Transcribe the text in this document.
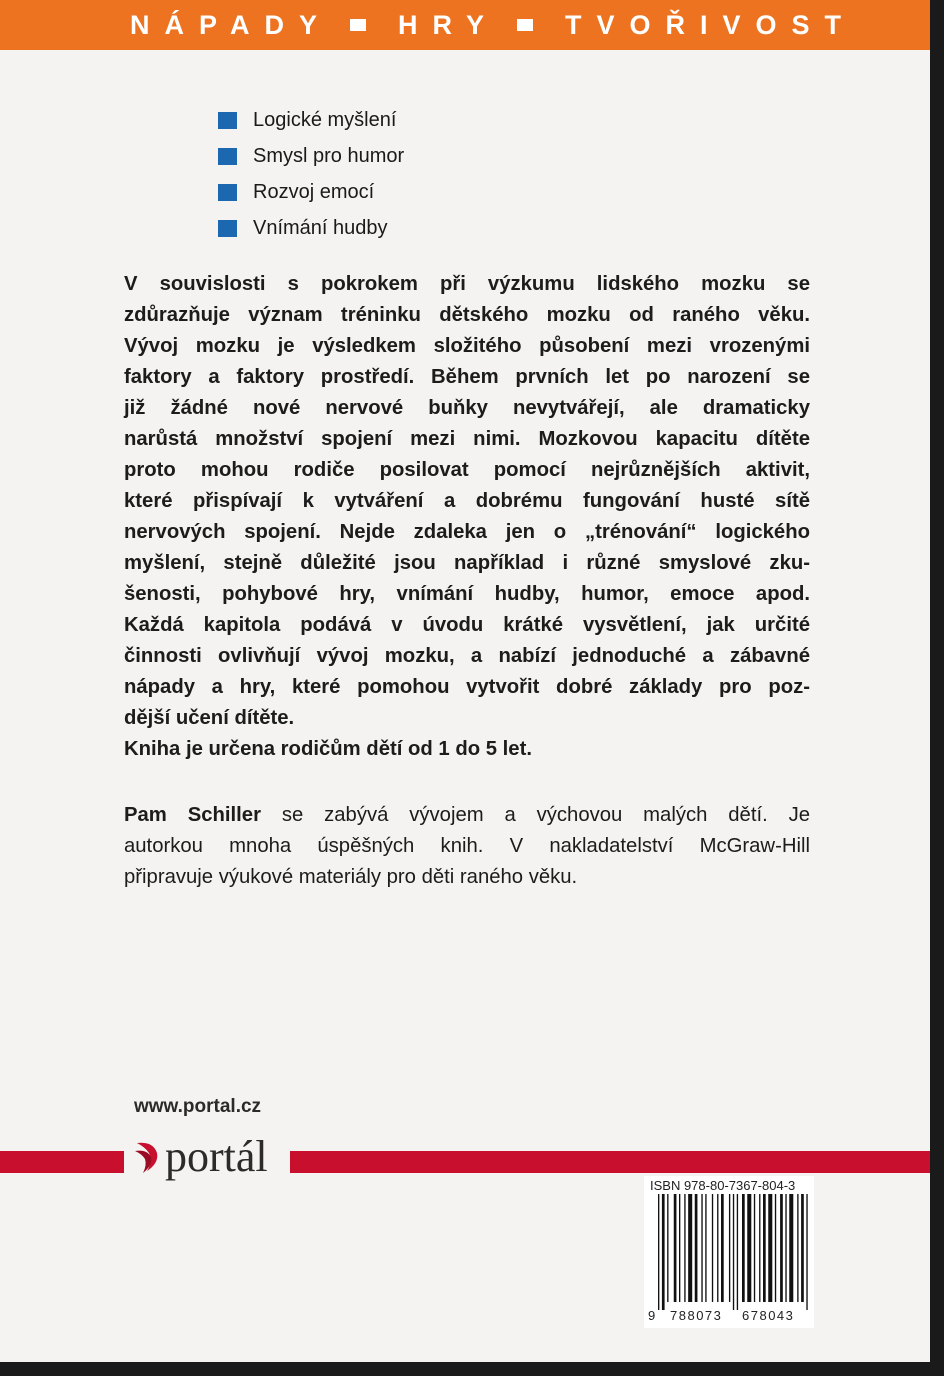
NÁPADY HRY TVOŘIVOST
Logické myšlení
Smysl pro humor
Rozvoj emocí
Vnímání hudby
V souvislosti s pokrokem při výzkumu lidského mozku se
zdůrazňuje význam tréninku dětského mozku od raného věku.
Vývoj mozku je výsledkem složitého působení mezi vrozenými
faktory a faktory prostředí. Během prvních let po narození se
již žádné nové nervové buňky nevytvářejí, ale dramaticky
narůstá množství spojení mezi nimi. Mozkovou kapacitu dítěte
proto mohou rodiče posilovat pomocí nejrůznějších aktivit,
které přispívají k vytváření a dobrému fungování husté sítě
nervových spojení. Nejde zdaleka jen o „trénování“ logického
myšlení, stejně důležité jsou například i různé smyslové zku-
šenosti, pohybové hry, vnímání hudby, humor, emoce apod.
Každá kapitola podává v úvodu krátké vysvětlení, jak určité
činnosti ovlivňují vývoj mozku, a nabízí jednoduché a zábavné
nápady a hry, které pomohou vytvořit dobré základy pro poz-
dější učení dítěte.
Kniha je určena rodičům dětí od 1 do 5 let.
Pam Schiller se zabývá vývojem a výchovou malých dětí. Je
autorkou mnoha úspěšných knih. V nakladatelství McGraw-Hill
připravuje výukové materiály pro děti raného věku.
www.portal.cz
portál
ISBN 978-80-7367-804-3
9 788073 678043
